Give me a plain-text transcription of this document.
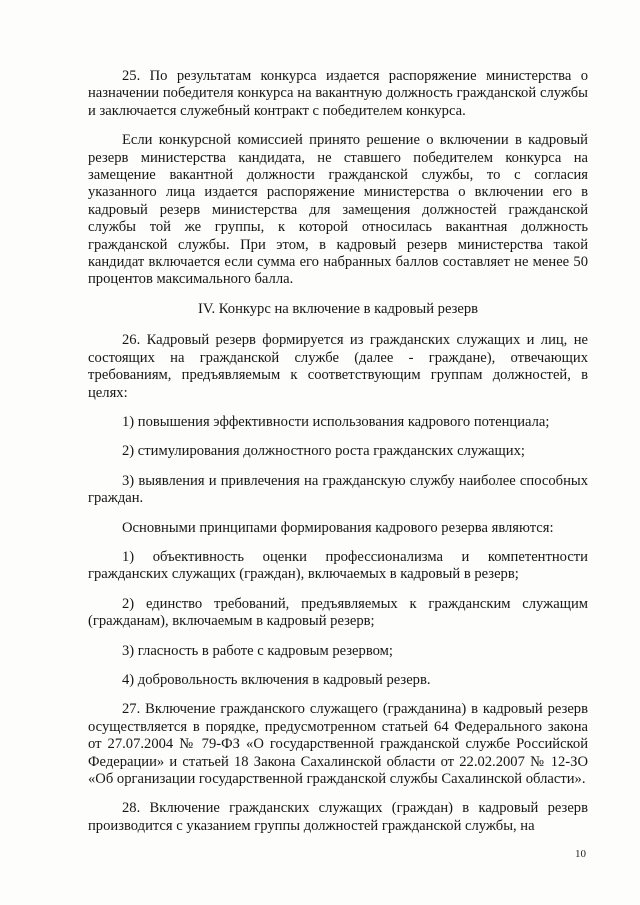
25. По результатам конкурса издается распоряжение министерства о назначении победителя конкурса на вакантную должность гражданской службы и заключается служебный контракт с победителем конкурса.

Если конкурсной комиссией принято решение о включении в кадровый резерв министерства кандидата, не ставшего победителем конкурса на замещение вакантной должности гражданской службы, то с согласия указанного лица издается распоряжение министерства о включении его в кадровый резерв министерства для замещения должностей гражданской службы той же группы, к которой относилась вакантная должность гражданской службы. При этом, в кадровый резерв министерства такой кандидат включается если сумма его набранных баллов составляет не менее 50 процентов максимального балла.

IV. Конкурс на включение в кадровый резерв

26. Кадровый резерв формируется из гражданских служащих и лиц, не состоящих на гражданской службе (далее - граждане), отвечающих требованиям, предъявляемым к соответствующим группам должностей, в целях:

1) повышения эффективности использования кадрового потенциала;

2) стимулирования должностного роста гражданских служащих;

3) выявления и привлечения на гражданскую службу наиболее способных граждан.

Основными принципами формирования кадрового резерва являются:

1) объективность оценки профессионализма и компетентности гражданских служащих (граждан), включаемых в кадровый в резерв;

2) единство требований, предъявляемых к гражданским служащим (гражданам), включаемым в кадровый резерв;

3) гласность в работе с кадровым резервом;

4) добровольность включения в кадровый резерв.

27. Включение гражданского служащего (гражданина) в кадровый резерв осуществляется в порядке, предусмотренном статьей 64 Федерального закона от 27.07.2004 № 79-ФЗ «О государственной гражданской службе Российской Федерации» и статьей 18 Закона Сахалинской области от 22.02.2007 № 12-ЗО «Об организации государственной гражданской службы Сахалинской области».

28. Включение гражданских служащих (граждан) в кадровый резерв производится с указанием группы должностей гражданской службы, на

10
